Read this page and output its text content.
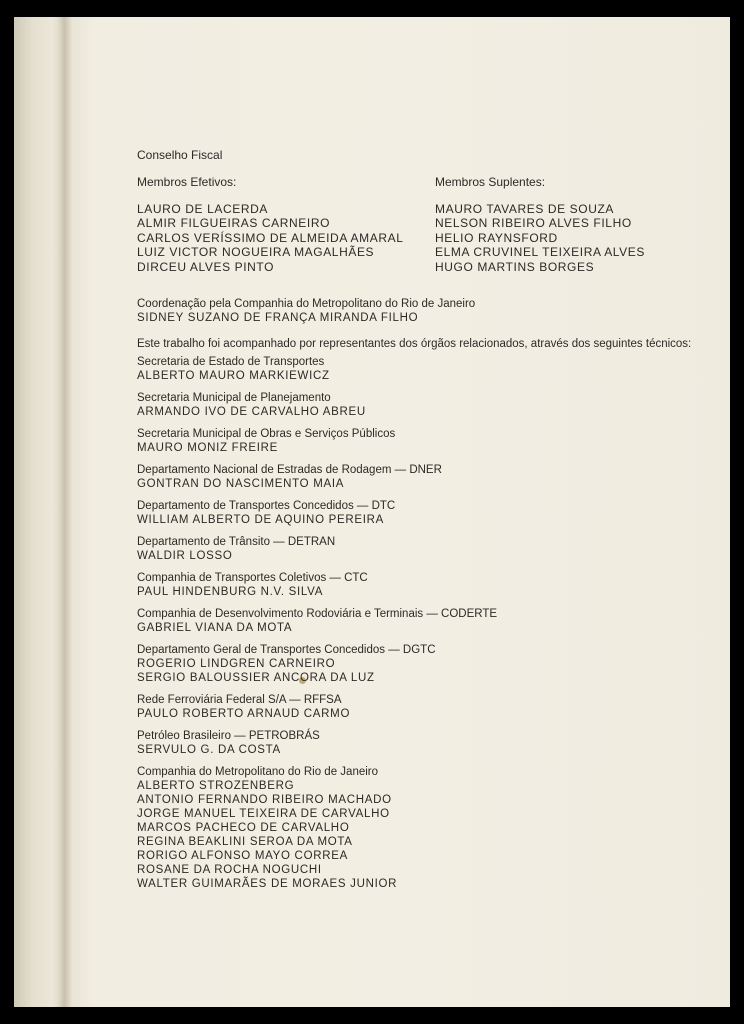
Conselho Fiscal
Membros Efetivos:
LAURO DE LACERDA
ALMIR FILGUEIRAS CARNEIRO
CARLOS VERÍSSIMO DE ALMEIDA AMARAL
LUIZ VICTOR NOGUEIRA MAGALHÃES
DIRCEU ALVES PINTO
Membros Suplentes:
MAURO TAVARES DE SOUZA
NELSON RIBEIRO ALVES FILHO
HELIO RAYNSFORD
ELMA CRUVINEL TEIXEIRA ALVES
HUGO MARTINS BORGES
Coordenação pela Companhia do Metropolitano do Rio de Janeiro
SIDNEY SUZANO DE FRANÇA MIRANDA FILHO
Este trabalho foi acompanhado por representantes dos órgãos relacionados, através dos seguintes técnicos:
Secretaria de Estado de Transportes
ALBERTO MAURO MARKIEWICZ
Secretaria Municipal de Planejamento
ARMANDO IVO DE CARVALHO ABREU
Secretaria Municipal de Obras e Serviços Públicos
MAURO MONIZ FREIRE
Departamento Nacional de Estradas de Rodagem — DNER
GONTRAN DO NASCIMENTO MAIA
Departamento de Transportes Concedidos — DTC
WILLIAM ALBERTO DE AQUINO PEREIRA
Departamento de Trânsito — DETRAN
WALDIR LOSSO
Companhia de Transportes Coletivos — CTC
PAUL HINDENBURG N.V. SILVA
Companhia de Desenvolvimento Rodoviária e Terminais — CODERTE
GABRIEL VIANA DA MOTA
Departamento Geral de Transportes Concedidos — DGTC
ROGERIO LINDGREN CARNEIRO
SERGIO BALOUSSIER ANCORA DA LUZ
Rede Ferroviária Federal S/A — RFFSA
PAULO ROBERTO ARNAUD CARMO
Petróleo Brasileiro — PETROBRÁS
SERVULO G. DA COSTA
Companhia do Metropolitano do Rio de Janeiro
ALBERTO STROZENBERG
ANTONIO FERNANDO RIBEIRO MACHADO
JORGE MANUEL TEIXEIRA DE CARVALHO
MARCOS PACHECO DE CARVALHO
REGINA BEAKLINI SEROA DA MOTA
RORIGO ALFONSO MAYO CORREA
ROSANE DA ROCHA NOGUCHI
WALTER GUIMARÃES DE MORAES JUNIOR
